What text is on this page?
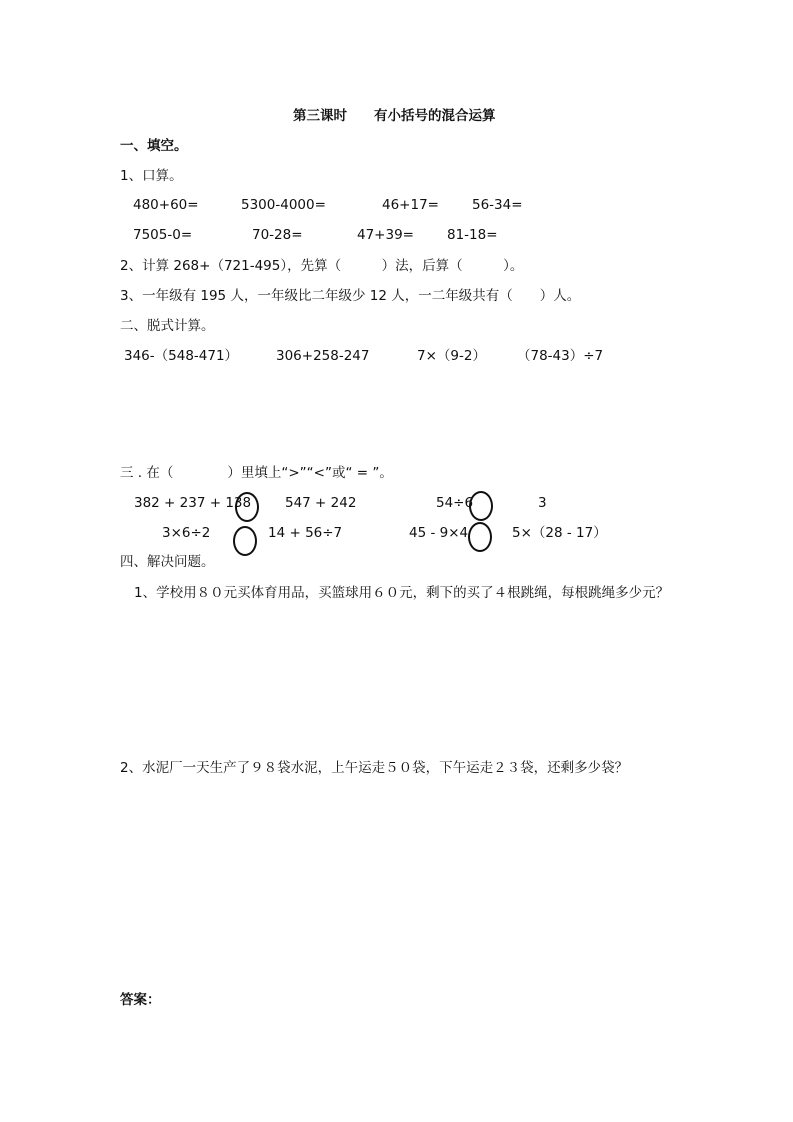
第三课时 有小括号的混合运算
一、填空。
1、口算。
480+60=	5300-4000=	46+17= 56-34=
7505-0=	70-28=	47+39= 81-18=
2、计算 268+（721-495），先算（　　　）法，后算（　　　）。
3、一年级有 195 人，一年级比二年级少 12 人，一二年级共有（　　）人。
二、脱式计算。
346-（548-471）	306+258-247	7×（9-2） （78-43）÷7
三 . 在（　　　　）里填上“>”“<”或“ = ”。
382 + 237 + 138	547 + 242	54÷6	3
3×6÷2	14 + 56÷7	45 - 9×4	5×（28 - 17）
四、解决问题。
1、学校用８０元买体育用品，买篮球用６０元，剩下的买了４根跳绳，每根跳绳多少元？
2、水泥厂一天生产了９８袋水泥，上午运走５０袋，下午运走２３袋，还剩多少袋？
答案：
